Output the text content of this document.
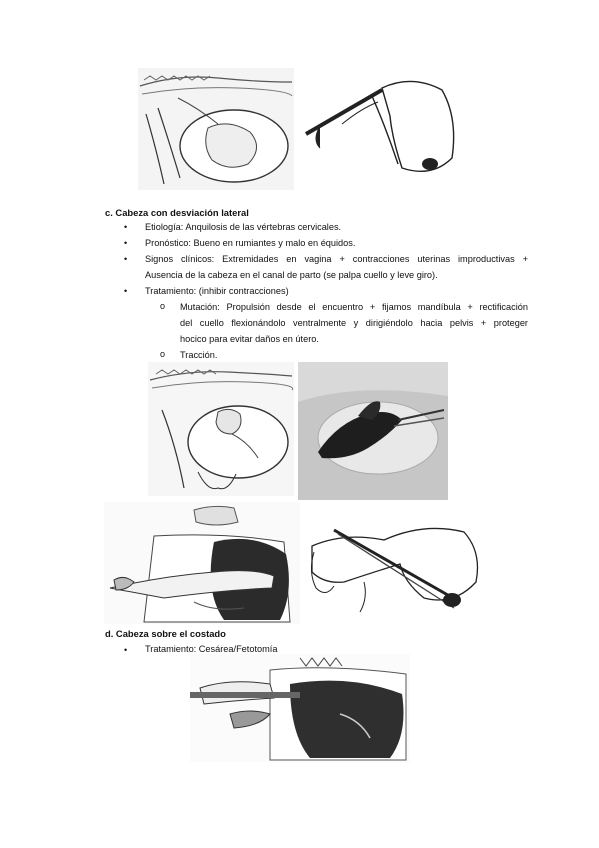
c. Cabeza con desviación lateral
• Etiología: Anquilosis de las vértebras cervicales.
• Pronóstico: Bueno en rumiantes y malo en équidos.
• Signos clínicos: Extremidades en vagina + contracciones uterinas improductivas +
Ausencia de la cabeza en el canal de parto (se palpa cuello y leve giro).
• Tratamiento: (inhibir contracciones)
o Mutación: Propulsión desde el encuentro + fijamos mandíbula + rectificación
del cuello flexionándolo ventralmente y dirigiéndolo hacia pelvis + proteger
hocico para evitar daños en útero.
o Tracción.
d. Cabeza sobre el costado
• Tratamiento: Cesárea/Fetotomía
